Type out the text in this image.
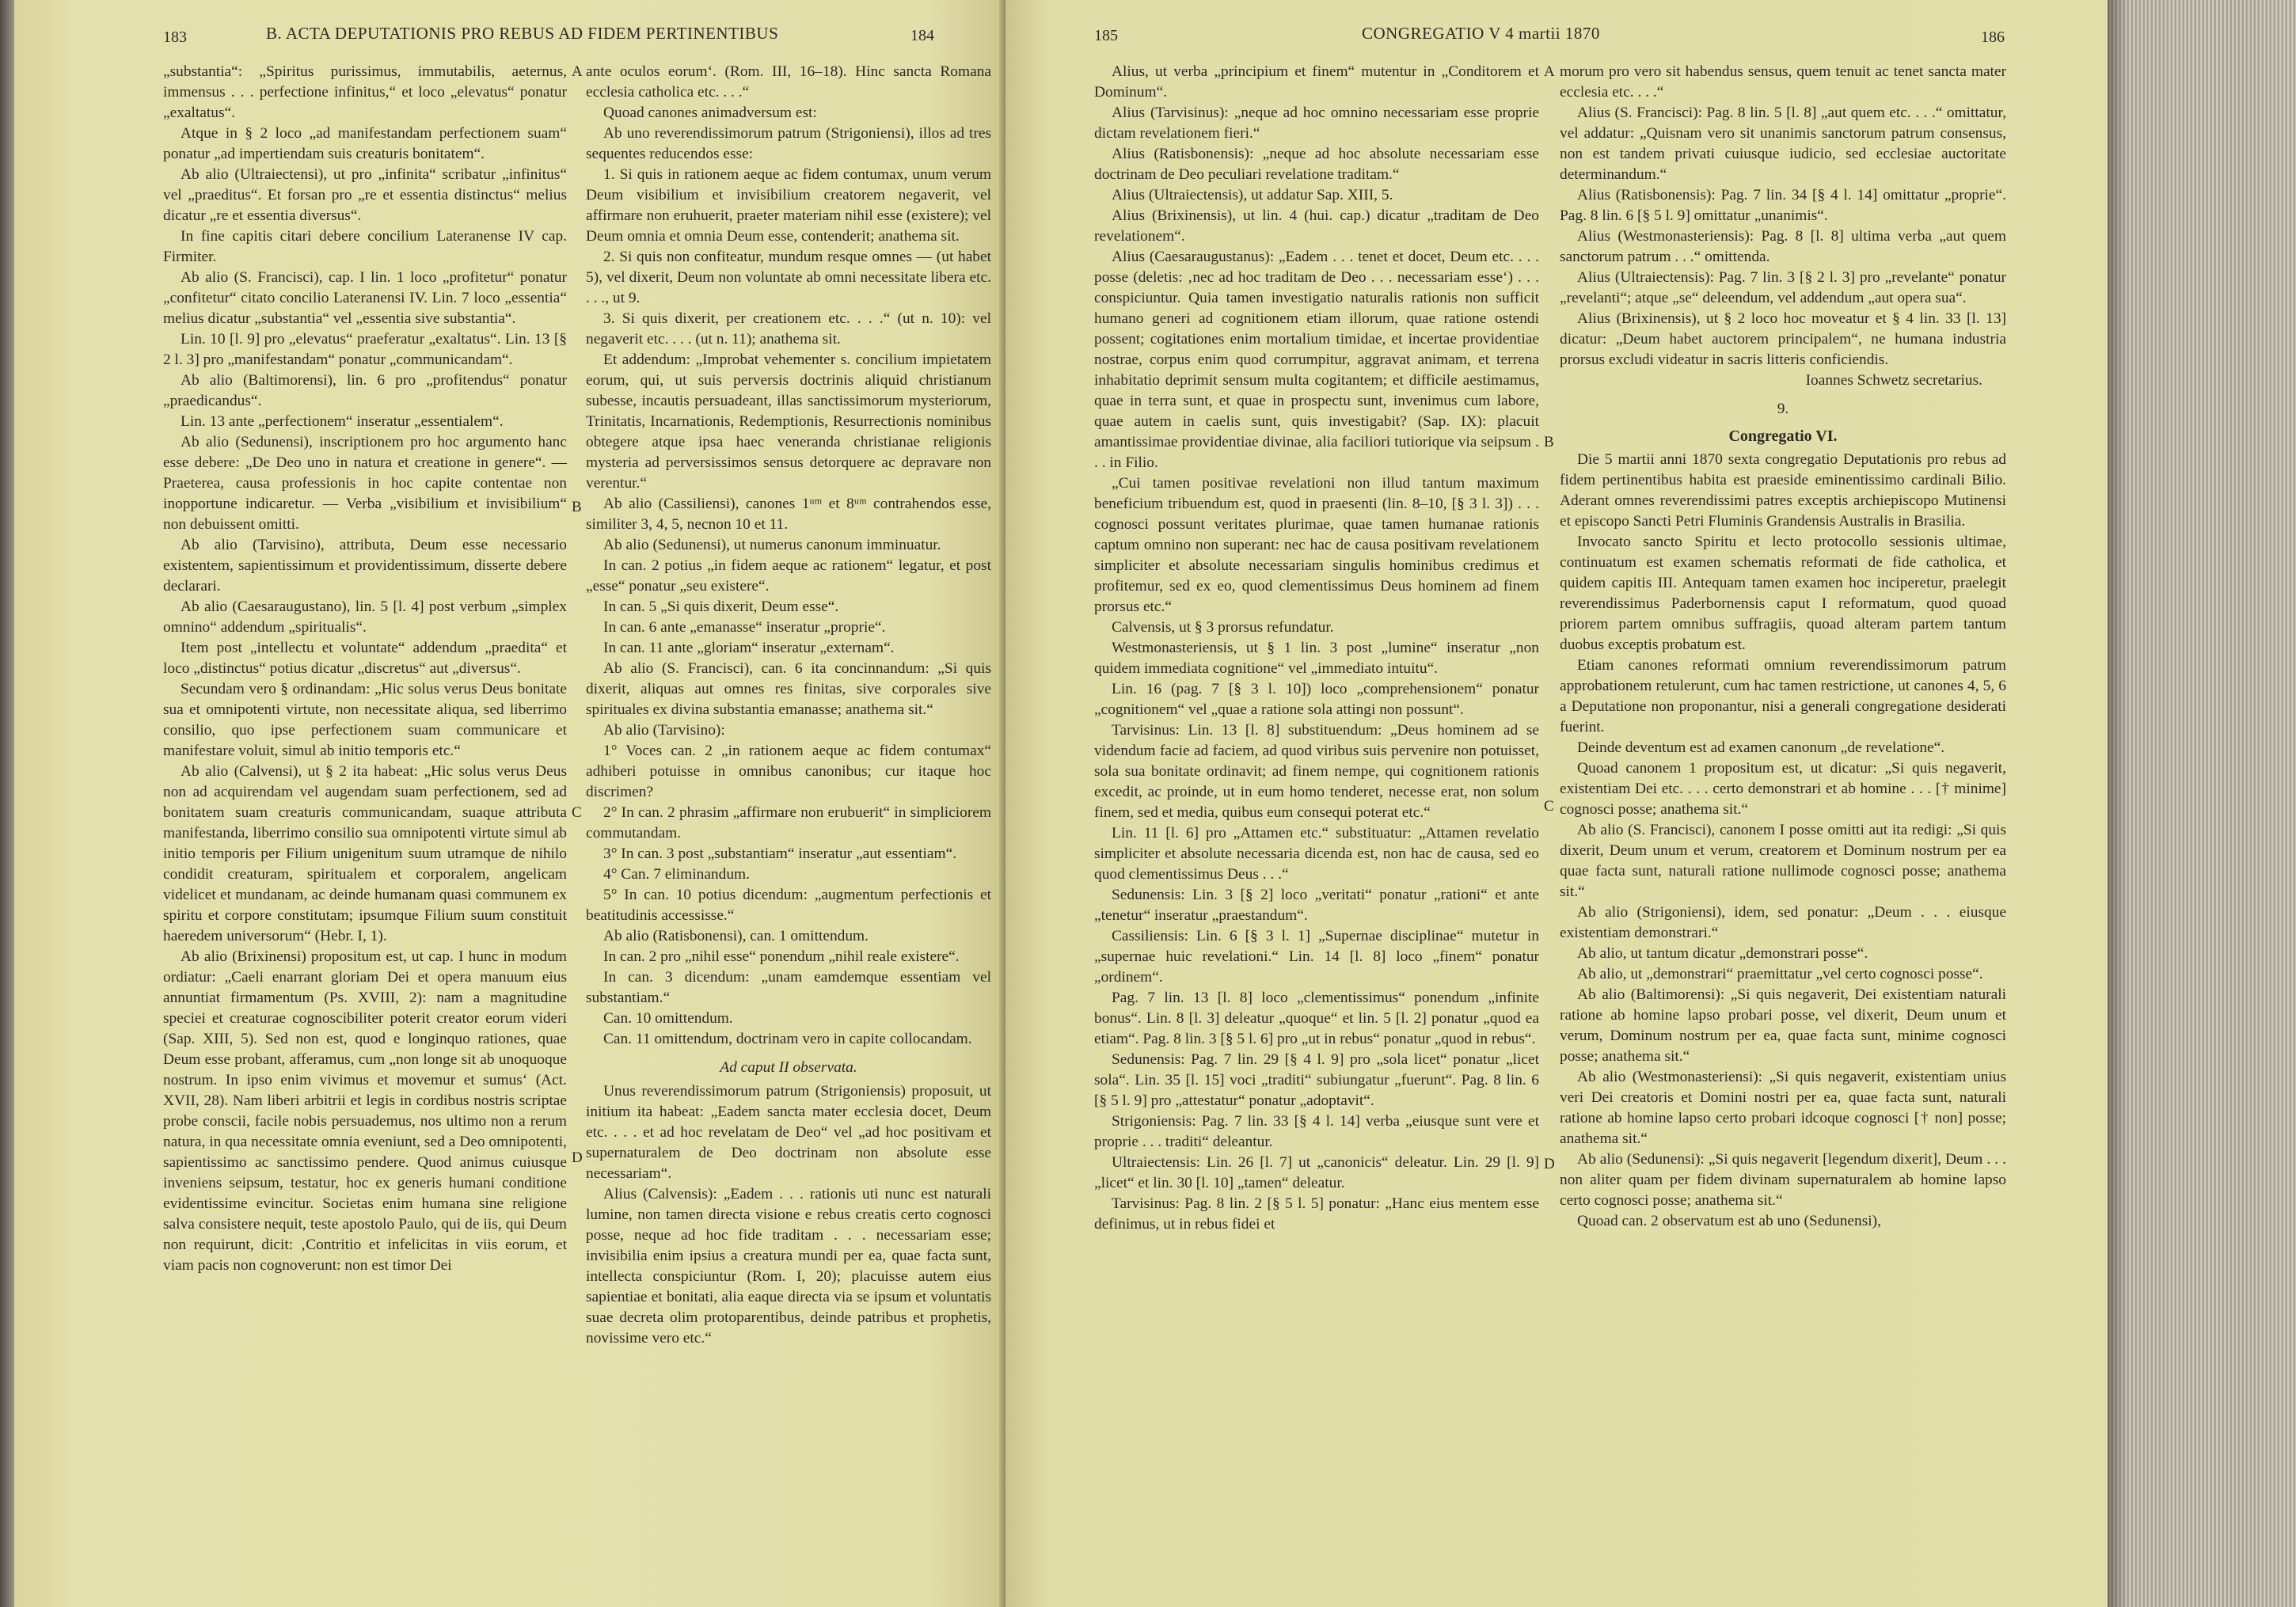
183	B. ACTA DEPUTATIONIS PRO REBUS AD FIDEM PERTINENTIBUS	184

„substantia“: „Spiritus purissimus, immutabilis, aeternus, immensus . . . perfectione infinitus,“ et loco „elevatus“ ponatur „exaltatus“.

Atque in § 2 loco „ad manifestandam perfectionem suam“ ponatur „ad impertiendam suis creaturis bonitatem“.

Ab alio (Ultraiectensi), ut pro „infinita“ scribatur „infinitus“ vel „praeditus“. Et forsan pro „re et essentia distinctus“ melius dicatur „re et essentia diversus“.

In fine capitis citari debere concilium Lateranense IV cap. Firmiter.

Ab alio (S. Francisci), cap. I lin. 1 loco „profitetur“ ponatur „confitetur“ citato concilio Lateranensi IV. Lin. 7 loco „essentia“ melius dicatur „substantia“ vel „essentia sive substantia“.

Lin. 10 [l. 9] pro „elevatus“ praeferatur „exaltatus“. Lin. 13 [§ 2 l. 3] pro „manifestandam“ ponatur „communicandam“.

Ab alio (Baltimorensi), lin. 6 pro „profitendus“ ponatur „praedicandus“.

Lin. 13 ante „perfectionem“ inseratur „essentialem“.

Ab alio (Sedunensi), inscriptionem pro hoc argumento hanc esse debere: „De Deo uno in natura et creatione in genere“. — Praeterea, causa professionis in hoc capite contentae non inopportune indicaretur. — Verba „visibilium et invisibilium“ non debuissent omitti.

Ab alio (Tarvisino), attributa, Deum esse necessario existentem, sapientissimum et providentissimum, disserte debere declarari.

Ab alio (Caesaraugustano), lin. 5 [l. 4] post verbum „simplex omnino“ addendum „spiritualis“.

Item post „intellectu et voluntate“ addendum „praedita“ et loco „distinctus“ potius dicatur „discretus“ aut „diversus“.

Secundam vero § ordinandam: „Hic solus verus Deus bonitate sua et omnipotenti virtute, non necessitate aliqua, sed liberrimo consilio, quo ipse perfectionem suam communicare et manifestare voluit, simul ab initio temporis etc.“

Ab alio (Calvensi), ut § 2 ita habeat: „Hic solus verus Deus non ad acquirendam vel augendam suam perfectionem, sed ad bonitatem suam creaturis communicandam, suaque attributa manifestanda, liberrimo consilio sua omnipotenti virtute simul ab initio temporis per Filium unigenitum suum utramque de nihilo condidit creaturam, spiritualem et corporalem, angelicam videlicet et mundanam, ac deinde humanam quasi communem ex spiritu et corpore constitutam; ipsumque Filium suum constituit haeredem universorum“ (Hebr. I, 1).

Ab alio (Brixinensi) propositum est, ut cap. I hunc in modum ordiatur: „Caeli enarrant gloriam Dei et opera manuum eius annuntiat firmamentum (Ps. XVIII, 2): nam a magnitudine speciei et creaturae cognoscibiliter poterit creator eorum videri (Sap. XIII, 5). Sed non est, quod e longinquo rationes, quae Deum esse probant, afferamus, cum „non longe sit ab unoquoque nostrum. In ipso enim vivimus et movemur et sumus‘ (Act. XVII, 28). Nam liberi arbitrii et legis in cordibus nostris scriptae probe conscii, facile nobis persuademus, nos ultimo non a rerum natura, in qua necessitate omnia eveniunt, sed a Deo omnipotenti, sapientissimo ac sanctissimo pendere. Quod animus cuiusque inveniens seipsum, testatur, hoc ex generis humani conditione evidentissime evincitur. Societas enim humana sine religione salva consistere nequit, teste apostolo Paulo, qui de iis, qui Deum non requirunt, dicit: ‚Contritio et infelicitas in viis eorum, et viam pacis non cognoverunt: non est timor Dei

ante oculos eorum‘. (Rom. III, 16–18). Hinc sancta Romana ecclesia catholica etc. . . .“

Quoad canones animadversum est:

Ab uno reverendissimorum patrum (Strigoniensi), illos ad tres sequentes reducendos esse:

1. Si quis in rationem aeque ac fidem contumax, unum verum Deum visibilium et invisibilium creatorem negaverit, vel affirmare non eruhuerit, praeter materiam nihil esse (existere); vel Deum omnia et omnia Deum esse, contenderit; anathema sit.

2. Si quis non confiteatur, mundum resque omnes — (ut habet 5), vel dixerit, Deum non voluntate ab omni necessitate libera etc. . . ., ut 9.

3. Si quis dixerit, per creationem etc. . . .“ (ut n. 10): vel negaverit etc. . . . (ut n. 11); anathema sit.

Et addendum: „Improbat vehementer s. concilium impietatem eorum, qui, ut suis perversis doctrinis aliquid christianum subesse, incautis persuadeant, illas sanctissimorum mysteriorum, Trinitatis, Incarnationis, Redemptionis, Resurrectionis nominibus obtegere atque ipsa haec veneranda christianae religionis mysteria ad perversissimos sensus detorquere ac depravare non verentur.“

Ab alio (Cassiliensi), canones 1ᵘᵐ et 8ᵘᵐ contrahendos esse, similiter 3, 4, 5, necnon 10 et 11.

Ab alio (Sedunensi), ut numerus canonum imminuatur.

In can. 2 potius „in fidem aeque ac rationem“ legatur, et post „esse“ ponatur „seu existere“.

In can. 5 „Si quis dixerit, Deum esse“.

In can. 6 ante „emanasse“ inseratur „proprie“.

In can. 11 ante „gloriam“ inseratur „externam“.

Ab alio (S. Francisci), can. 6 ita concinnandum: „Si quis dixerit, aliquas aut omnes res finitas, sive corporales sive spirituales ex divina substantia emanasse; anathema sit.“

Ab alio (Tarvisino):

1° Voces can. 2 „in rationem aeque ac fidem contumax“ adhiberi potuisse in omnibus canonibus; cur itaque hoc discrimen?

2° In can. 2 phrasim „affirmare non erubuerit“ in simpliciorem commutandam.

3° In can. 3 post „substantiam“ inseratur „aut essentiam“.

4° Can. 7 eliminandum.

5° In can. 10 potius dicendum: „augmentum perfectionis et beatitudinis accessisse.“

Ab alio (Ratisbonensi), can. 1 omittendum.

In can. 2 pro „nihil esse“ ponendum „nihil reale existere“.

In can. 3 dicendum: „unam eamdemque essentiam vel substantiam.“

Can. 10 omittendum.

Can. 11 omittendum, doctrinam vero in capite collocandam.

Ad caput II observata.

Unus reverendissimorum patrum (Strigoniensis) proposuit, ut initium ita habeat: „Eadem sancta mater ecclesia docet, Deum etc. . . . et ad hoc revelatam de Deo“ vel „ad hoc positivam et supernaturalem de Deo doctrinam non absolute esse necessariam“.

Alius (Calvensis): „Eadem . . . rationis uti nunc est naturali lumine, non tamen directa visione e rebus creatis certo cognosci posse, neque ad hoc fide traditam . . . necessariam esse; invisibilia enim ipsius a creatura mundi per ea, quae facta sunt, intellecta conspiciuntur (Rom. I, 20); placuisse autem eius sapientiae et bonitati, alia eaque directa via se ipsum et voluntatis suae decreta olim protoparentibus, deinde patribus et prophetis, novissime vero etc.“

A
B
C
D
185	CONGREGATIO V 4 martii 1870	186

Alius, ut verba „principium et finem“ mutentur in „Conditorem et Dominum“.

Alius (Tarvisinus): „neque ad hoc omnino necessariam esse proprie dictam revelationem fieri.“

Alius (Ratisbonensis): „neque ad hoc absolute necessariam esse doctrinam de Deo peculiari revelatione traditam.“

Alius (Ultraiectensis), ut addatur Sap. XIII, 5.

Alius (Brixinensis), ut lin. 4 (hui. cap.) dicatur „traditam de Deo revelationem“.

Alius (Caesaraugustanus): „Eadem . . . tenet et docet, Deum etc. . . . posse (deletis: ‚nec ad hoc traditam de Deo . . . necessariam esse‘) . . . conspiciuntur. Quia tamen investigatio naturalis rationis non sufficit humano generi ad cognitionem etiam illorum, quae ratione ostendi possent; cogitationes enim mortalium timidae, et incertae providentiae nostrae, corpus enim quod corrumpitur, aggravat animam, et terrena inhabitatio deprimit sensum multa cogitantem; et difficile aestimamus, quae in terra sunt, et quae in prospectu sunt, invenimus cum labore, quae autem in caelis sunt, quis investigabit? (Sap. IX): placuit amantissimae providentiae divinae, alia faciliori tutiorique via seipsum . . . in Filio.

„Cui tamen positivae revelationi non illud tantum maximum beneficium tribuendum est, quod in praesenti (lin. 8–10, [§ 3 l. 3]) . . . cognosci possunt veritates plurimae, quae tamen humanae rationis captum omnino non superant: nec hac de causa positivam revelationem simpliciter et absolute necessariam singulis hominibus credimus et profitemur, sed ex eo, quod clementissimus Deus hominem ad finem prorsus etc.“

Calvensis, ut § 3 prorsus refundatur.

Westmonasteriensis, ut § 1 lin. 3 post „lumine“ inseratur „non quidem immediata cognitione“ vel „immediato intuitu“.

Lin. 16 (pag. 7 [§ 3 l. 10]) loco „comprehensionem“ ponatur „cognitionem“ vel „quae a ratione sola attingi non possunt“.

Tarvisinus: Lin. 13 [l. 8] substituendum: „Deus hominem ad se videndum facie ad faciem, ad quod viribus suis pervenire non potuisset, sola sua bonitate ordinavit; ad finem nempe, qui cognitionem rationis excedit, ac proinde, ut in eum homo tenderet, necesse erat, non solum finem, sed et media, quibus eum consequi poterat etc.“

Lin. 11 [l. 6] pro „Attamen etc.“ substituatur: „Attamen revelatio simpliciter et absolute necessaria dicenda est, non hac de causa, sed eo quod clementissimus Deus . . .“

Sedunensis: Lin. 3 [§ 2] loco „veritati“ ponatur „rationi“ et ante „tenetur“ inseratur „praestandum“.

Cassiliensis: Lin. 6 [§ 3 l. 1] „Supernae disciplinae“ mutetur in „supernae huic revelationi.“ Lin. 14 [l. 8] loco „finem“ ponatur „ordinem“.

Pag. 7 lin. 13 [l. 8] loco „clementissimus“ ponendum „infinite bonus“. Lin. 8 [l. 3] deleatur „quoque“ et lin. 5 [l. 2] ponatur „quod ea etiam“. Pag. 8 lin. 3 [§ 5 l. 6] pro „ut in rebus“ ponatur „quod in rebus“.

Sedunensis: Pag. 7 lin. 29 [§ 4 l. 9] pro „sola licet“ ponatur „licet sola“. Lin. 35 [l. 15] voci „traditi“ subiungatur „fuerunt“. Pag. 8 lin. 6 [§ 5 l. 9] pro „attestatur“ ponatur „adoptavit“.

Strigoniensis: Pag. 7 lin. 33 [§ 4 l. 14] verba „eiusque sunt vere et proprie . . . traditi“ deleantur.

Ultraiectensis: Lin. 26 [l. 7] ut „canonicis“ deleatur. Lin. 29 [l. 9] „licet“ et lin. 30 [l. 10] „tamen“ deleatur.

Tarvisinus: Pag. 8 lin. 2 [§ 5 l. 5] ponatur: „Hanc eius mentem esse definimus, ut in rebus fidei et

morum pro vero sit habendus sensus, quem tenuit ac tenet sancta mater ecclesia etc. . . .“

Alius (S. Francisci): Pag. 8 lin. 5 [l. 8] „aut quem etc. . . .“ omittatur, vel addatur: „Quisnam vero sit unanimis sanctorum patrum consensus, non est tandem privati cuiusque iudicio, sed ecclesiae auctoritate determinandum.“

Alius (Ratisbonensis): Pag. 7 lin. 34 [§ 4 l. 14] omittatur „proprie“. Pag. 8 lin. 6 [§ 5 l. 9] omittatur „unanimis“.

Alius (Westmonasteriensis): Pag. 8 [l. 8] ultima verba „aut quem sanctorum patrum . . .“ omittenda.

Alius (Ultraiectensis): Pag. 7 lin. 3 [§ 2 l. 3] pro „revelante“ ponatur „revelanti“; atque „se“ deleendum, vel addendum „aut opera sua“.

Alius (Brixinensis), ut § 2 loco hoc moveatur et § 4 lin. 33 [l. 13] dicatur: „Deum habet auctorem principalem“, ne humana industria prorsus excludi videatur in sacris litteris conficiendis.

Ioannes Schwetz secretarius.

9.

Congregatio VI.

Die 5 martii anni 1870 sexta congregatio Deputationis pro rebus ad fidem pertinentibus habita est praeside eminentissimo cardinali Bilio. Aderant omnes reverendissimi patres exceptis archiepiscopo Mutinensi et episcopo Sancti Petri Fluminis Grandensis Australis in Brasilia.

Invocato sancto Spiritu et lecto protocollo sessionis ultimae, continuatum est examen schematis reformati de fide catholica, et quidem capitis III. Antequam tamen examen hoc inciperetur, praelegit reverendissimus Paderbornensis caput I reformatum, quod quoad priorem partem omnibus suffragiis, quoad alteram partem tantum duobus exceptis probatum est.

Etiam canones reformati omnium reverendissimorum patrum approbationem retulerunt, cum hac tamen restrictione, ut canones 4, 5, 6 a Deputatione non proponantur, nisi a generali congregatione desiderati fuerint.

Deinde deventum est ad examen canonum „de revelatione“.

Quoad canonem 1 propositum est, ut dicatur: „Si quis negaverit, existentiam Dei etc. . . . certo demonstrari et ab homine . . . [† minime] cognosci posse; anathema sit.“

Ab alio (S. Francisci), canonem I posse omitti aut ita redigi: „Si quis dixerit, Deum unum et verum, creatorem et Dominum nostrum per ea quae facta sunt, naturali ratione nullimode cognosci posse; anathema sit.“

Ab alio (Strigoniensi), idem, sed ponatur: „Deum . . . eiusque existentiam demonstrari.“

Ab alio, ut tantum dicatur „demonstrari posse“.

Ab alio, ut „demonstrari“ praemittatur „vel certo cognosci posse“.

Ab alio (Baltimorensi): „Si quis negaverit, Dei existentiam naturali ratione ab homine lapso probari posse, vel dixerit, Deum unum et verum, Dominum nostrum per ea, quae facta sunt, minime cognosci posse; anathema sit.“

Ab alio (Westmonasteriensi): „Si quis negaverit, existentiam unius veri Dei creatoris et Domini nostri per ea, quae facta sunt, naturali ratione ab homine lapso certo probari idcoque cognosci [† non] posse; anathema sit.“

Ab alio (Sedunensi): „Si quis negaverit [legendum dixerit], Deum . . . non aliter quam per fidem divinam supernaturalem ab homine lapso certo cognosci posse; anathema sit.“

Quoad can. 2 observatum est ab uno (Sedunensi),

A
B
C
D
